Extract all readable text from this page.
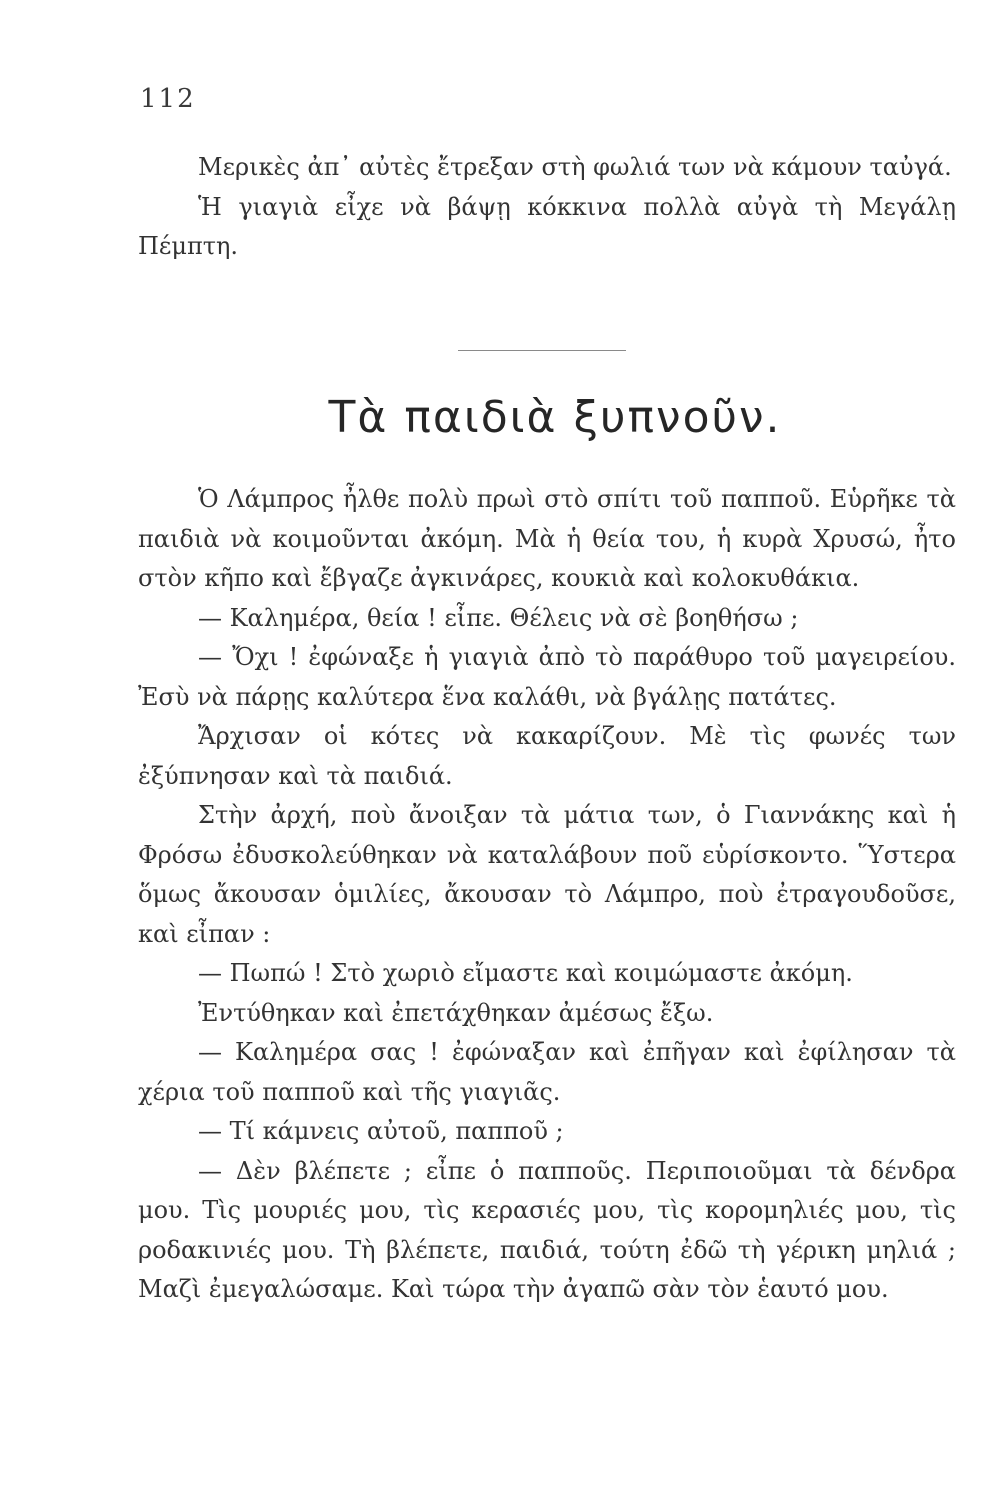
112

Μερικὲς ἀπ᾽ αὐτὲς ἔτρεξαν στὴ φωλιά των νὰ κάμουν ταὐγά.

Ἡ γιαγιὰ εἶχε νὰ βάψῃ κόκκινα πολλὰ αὐγὰ τὴ Μεγάλῃ Πέμπτη.

Τὰ παιδιὰ ξυπνοῦν.

Ὁ Λάμπρος ἦλθε πολὺ πρωὶ στὸ σπίτι τοῦ παπποῦ. Εὑρῆκε τὰ παιδιὰ νὰ κοιμοῦνται ἀκόμη. Μὰ ἡ θεία του, ἡ κυρὰ Χρυσώ, ἦτο στὸν κῆπο καὶ ἔβγαζε ἀγκινάρες, κουκιὰ καὶ κολοκυθάκια.

— Καλημέρα, θεία ! εἶπε. Θέλεις νὰ σὲ βοηθήσω ;

— Ὄχι ! ἐφώναξε ἡ γιαγιὰ ἀπὸ τὸ παράθυρο τοῦ μαγειρείου. Ἐσὺ νὰ πάρῃς καλύτερα ἕνα καλάθι, νὰ βγάλῃς πατάτες.

Ἄρχισαν οἱ κότες νὰ κακαρίζουν. Μὲ τὶς φωνές των ἐξύπνησαν καὶ τὰ παιδιά.

Στὴν ἀρχή, ποὺ ἄνοιξαν τὰ μάτια των, ὁ Γιαννάκης καὶ ἡ Φρόσω ἐδυσκολεύθηκαν νὰ καταλάβουν ποῦ εὑρίσκοντο. Ὕστερα ὅμως ἄκουσαν ὁμιλίες, ἄκουσαν τὸ Λάμπρο, ποὺ ἐτραγουδοῦσε, καὶ εἶπαν :

— Πωπώ ! Στὸ χωριὸ εἴμαστε καὶ κοιμώμαστε ἀκόμη.

Ἐντύθηκαν καὶ ἐπετάχθηκαν ἀμέσως ἔξω.

— Καλημέρα σας ! ἐφώναξαν καὶ ἐπῆγαν καὶ ἐφίλησαν τὰ χέρια τοῦ παπποῦ καὶ τῆς γιαγιᾶς.

— Τί κάμνεις αὐτοῦ, παπποῦ ;

— Δὲν βλέπετε ; εἶπε ὁ παπποῦς. Περιποιοῦμαι τὰ δένδρα μου. Τὶς μουριές μου, τὶς κερασιές μου, τὶς κορομηλιές μου, τὶς ροδακινιές μου. Τὴ βλέπετε, παιδιά, τούτη ἐδῶ τὴ γέρικη μηλιά ; Μαζὶ ἐμεγαλώσαμε. Καὶ τώρα τὴν ἀγαπῶ σὰν τὸν ἑαυτό μου.
